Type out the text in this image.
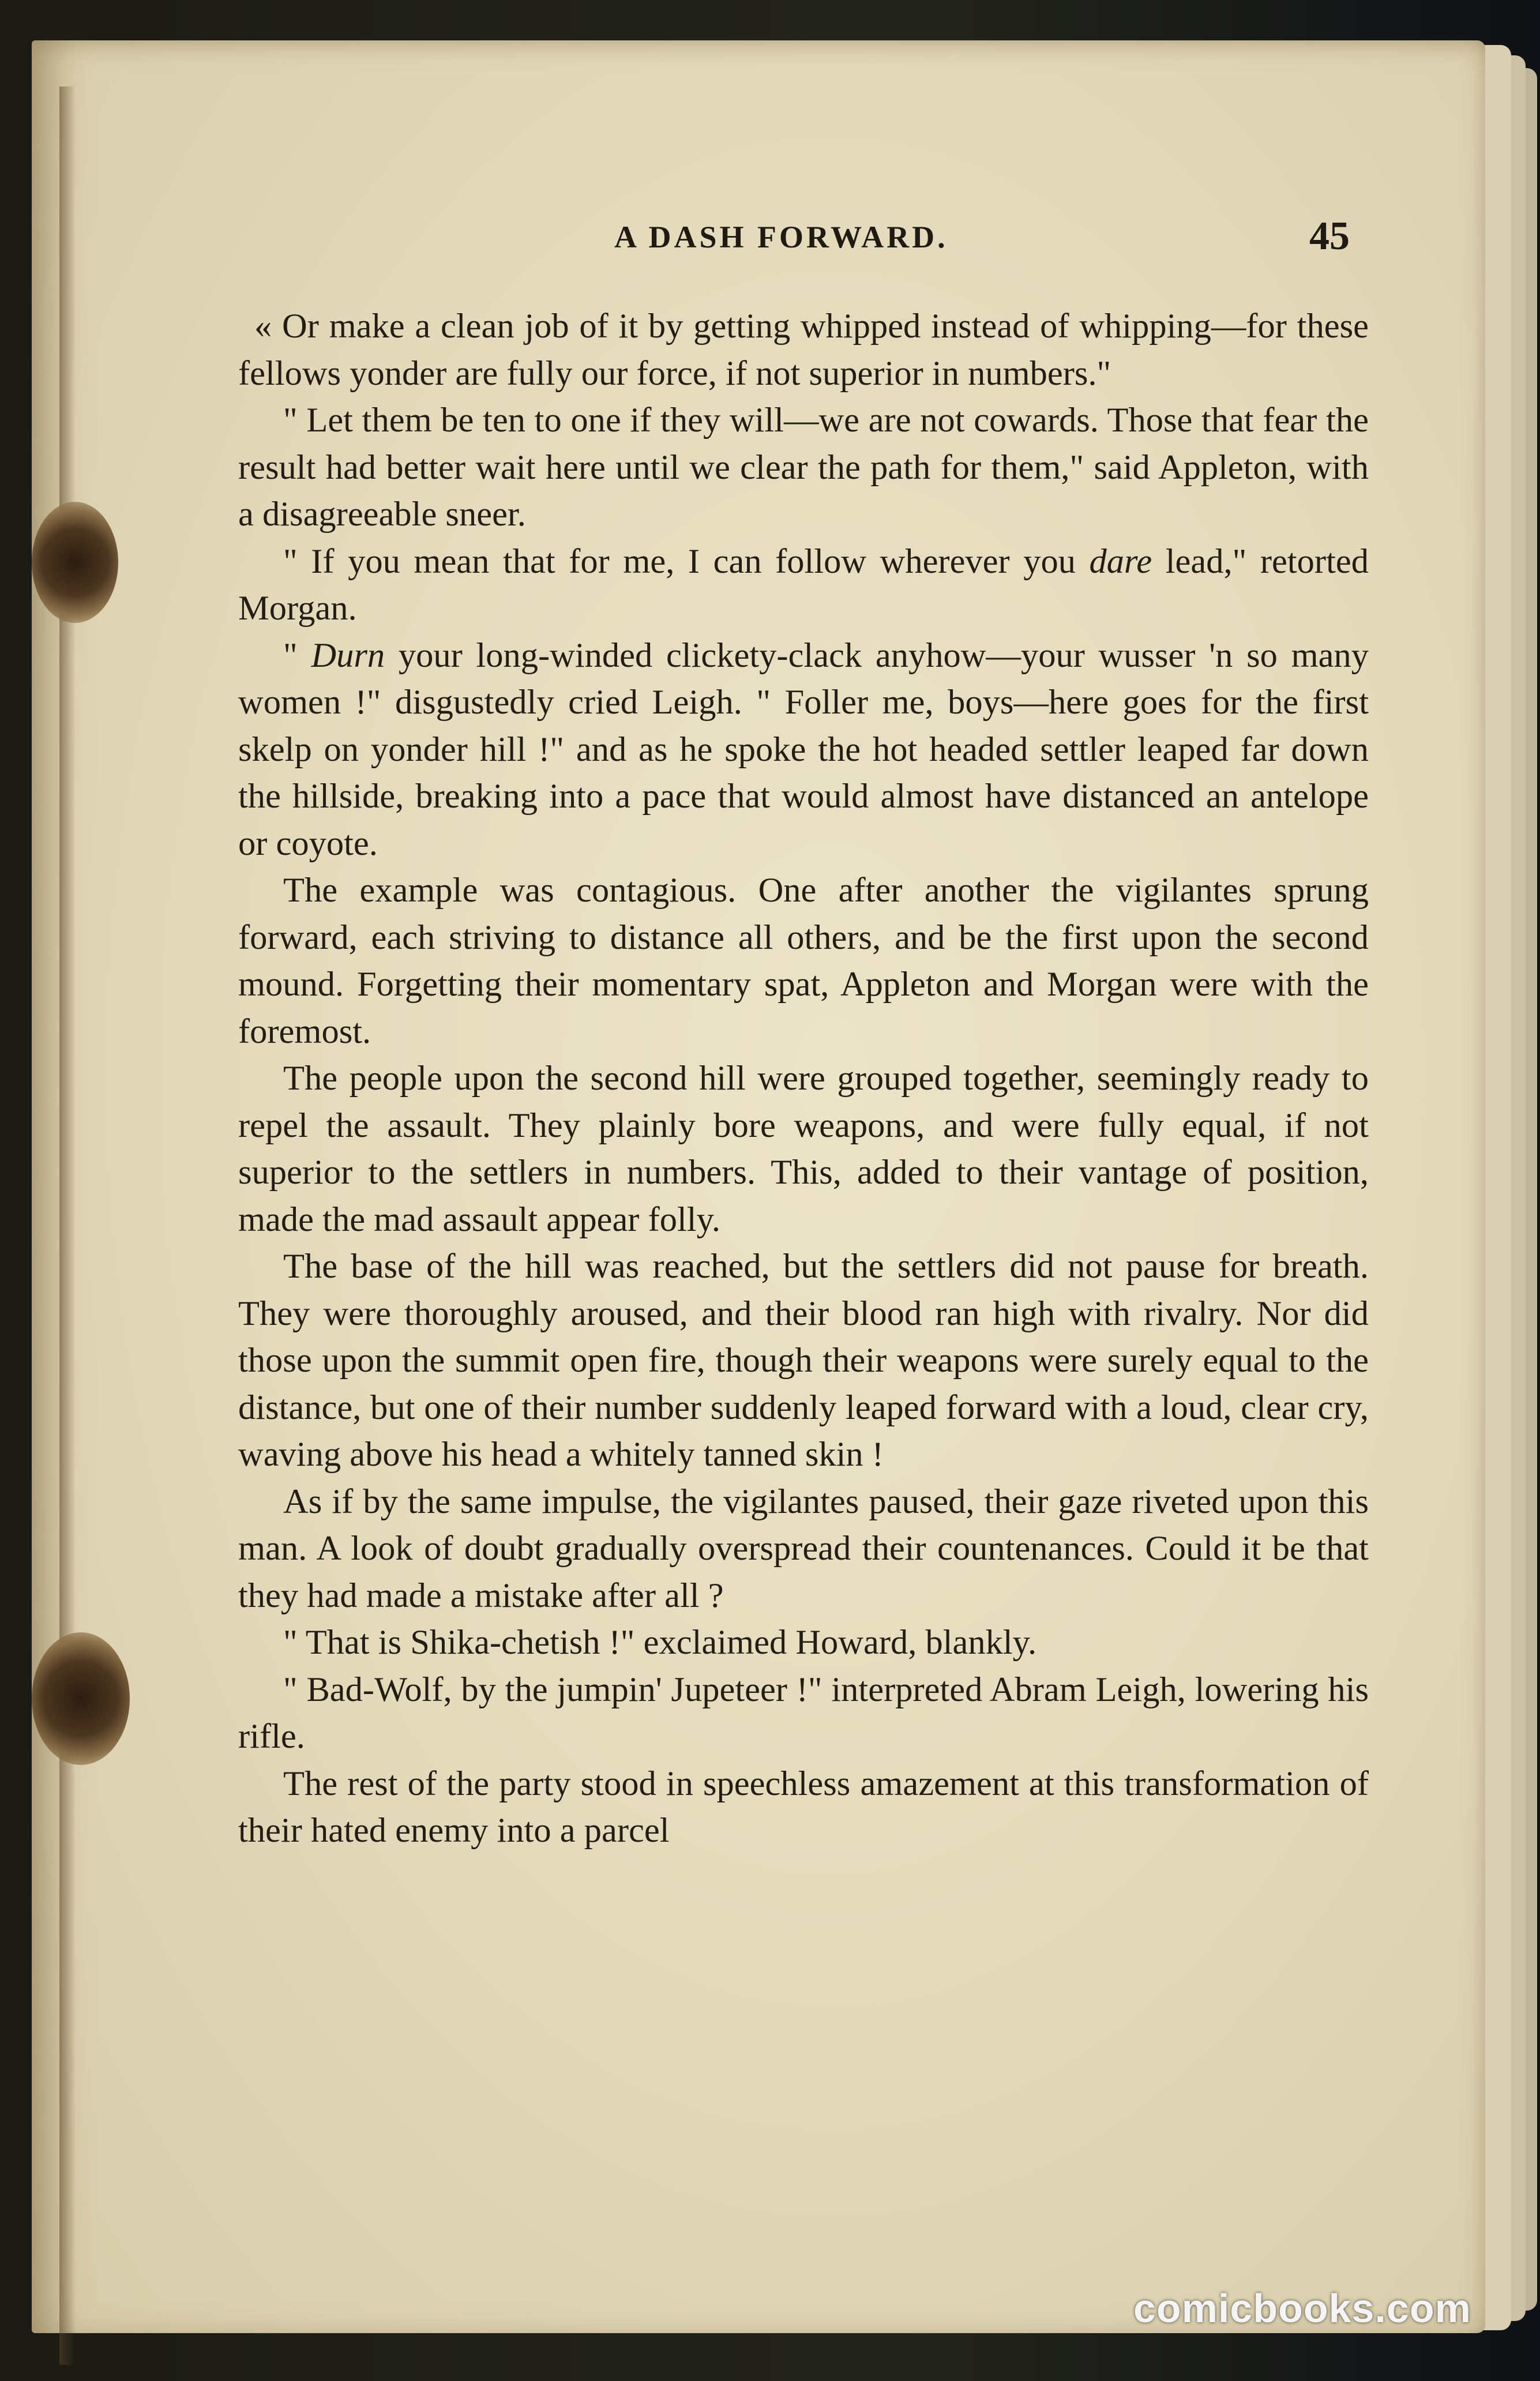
A DASH FORWARD.	45

« Or make a clean job of it by getting whipped instead of whipping—for these fellows yonder are fully our force, if not superior in numbers."

" Let them be ten to one if they will—we are not cowards. Those that fear the result had better wait here until we clear the path for them," said Appleton, with a disagreeable sneer.

" If you mean that for me, I can follow wherever you dare lead," retorted Morgan.

" Durn your long-winded clickety-clack anyhow—your wusser 'n so many women !" disgustedly cried Leigh. " Foller me, boys—here goes for the first skelp on yonder hill !" and as he spoke the hot headed settler leaped far down the hillside, breaking into a pace that would almost have distanced an antelope or coyote.

The example was contagious. One after another the vigilantes sprung forward, each striving to distance all others, and be the first upon the second mound. Forgetting their momentary spat, Appleton and Morgan were with the foremost.

The people upon the second hill were grouped together, seemingly ready to repel the assault. They plainly bore weapons, and were fully equal, if not superior to the settlers in numbers. This, added to their vantage of position, made the mad assault appear folly.

The base of the hill was reached, but the settlers did not pause for breath. They were thoroughly aroused, and their blood ran high with rivalry. Nor did those upon the summit open fire, though their weapons were surely equal to the distance, but one of their number suddenly leaped forward with a loud, clear cry, waving above his head a whitely tanned skin !

As if by the same impulse, the vigilantes paused, their gaze riveted upon this man. A look of doubt gradually overspread their countenances. Could it be that they had made a mistake after all ?

" That is Shika-chetish !" exclaimed Howard, blankly.

" Bad-Wolf, by the jumpin' Jupeteer !" interpreted Abram Leigh, lowering his rifle.

The rest of the party stood in speechless amazement at this transformation of their hated enemy into a parcel

comicbooks.com
